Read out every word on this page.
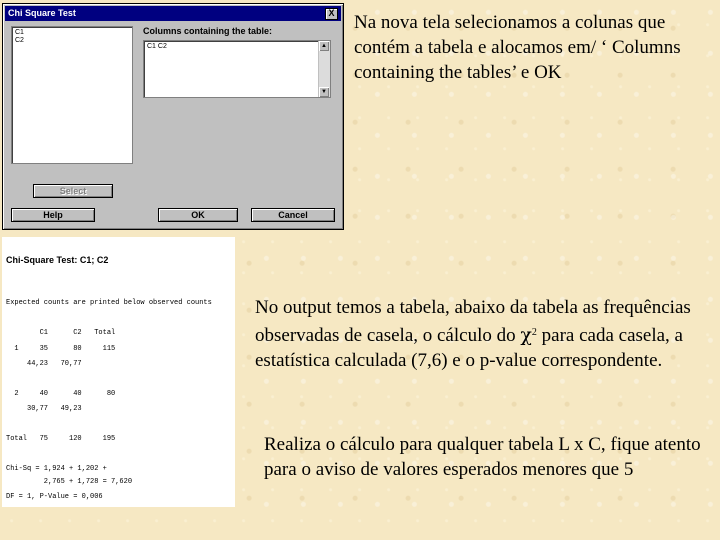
Chi Square Test	X
C1
C2
Columns containing the table:
C1 C2	▲
▼
Select
Help	OK	Cancel
Chi-Square Test: C1; C2
Expected counts are printed below observed counts
C1      C2   Total
1     35      80     115
44,23   70,77
2     40      40      80
30,77   49,23
Total   75     120     195
Chi-Sq = 1,924 + 1,202 +
2,765 + 1,728 = 7,620
DF = 1, P-Value = 0,006
Na nova tela selecionamos a colunas que contém a tabela e alocamos em/ ‘ Columns containing the tables’ e OK
No output temos a tabela, abaixo da tabela as frequências observadas de casela, o cálculo do $\chi^2$ para cada casela, a estatística calculada (7,6) e o p-value correspondente.
Realiza o cálculo para qualquer tabela L x C, fique atento para o aviso de valores esperados menores que 5
